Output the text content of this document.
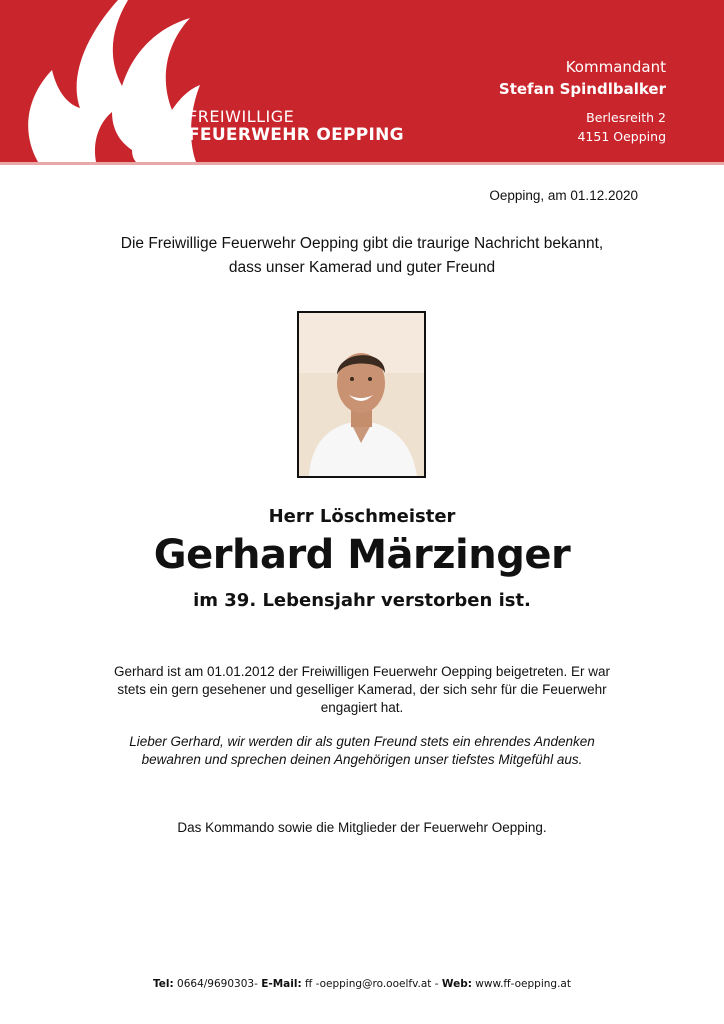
FREIWILLIGE
FEUERWEHR OEPPING
Kommandant
Stefan Spindlbalker
Berlesreith 2
4151 Oepping
Oepping, am 01.12.2020
Die Freiwillige Feuerwehr Oepping gibt die traurige Nachricht bekannt,
dass unser Kamerad und guter Freund
Herr Löschmeister
Gerhard Märzinger
im 39. Lebensjahr verstorben ist.
Gerhard ist am 01.01.2012 der Freiwilligen Feuerwehr Oepping beigetreten. Er war
stets ein gern gesehener und geselliger Kamerad, der sich sehr für die Feuerwehr
engagiert hat.
Lieber Gerhard, wir werden dir als guten Freund stets ein ehrendes Andenken
bewahren und sprechen deinen Angehörigen unser tiefstes Mitgefühl aus.
Das Kommando sowie die Mitglieder der Feuerwehr Oepping.
Tel: 0664/9690303- E-Mail: ff -oepping@ro.ooelfv.at - Web: www.ff-oepping.at
